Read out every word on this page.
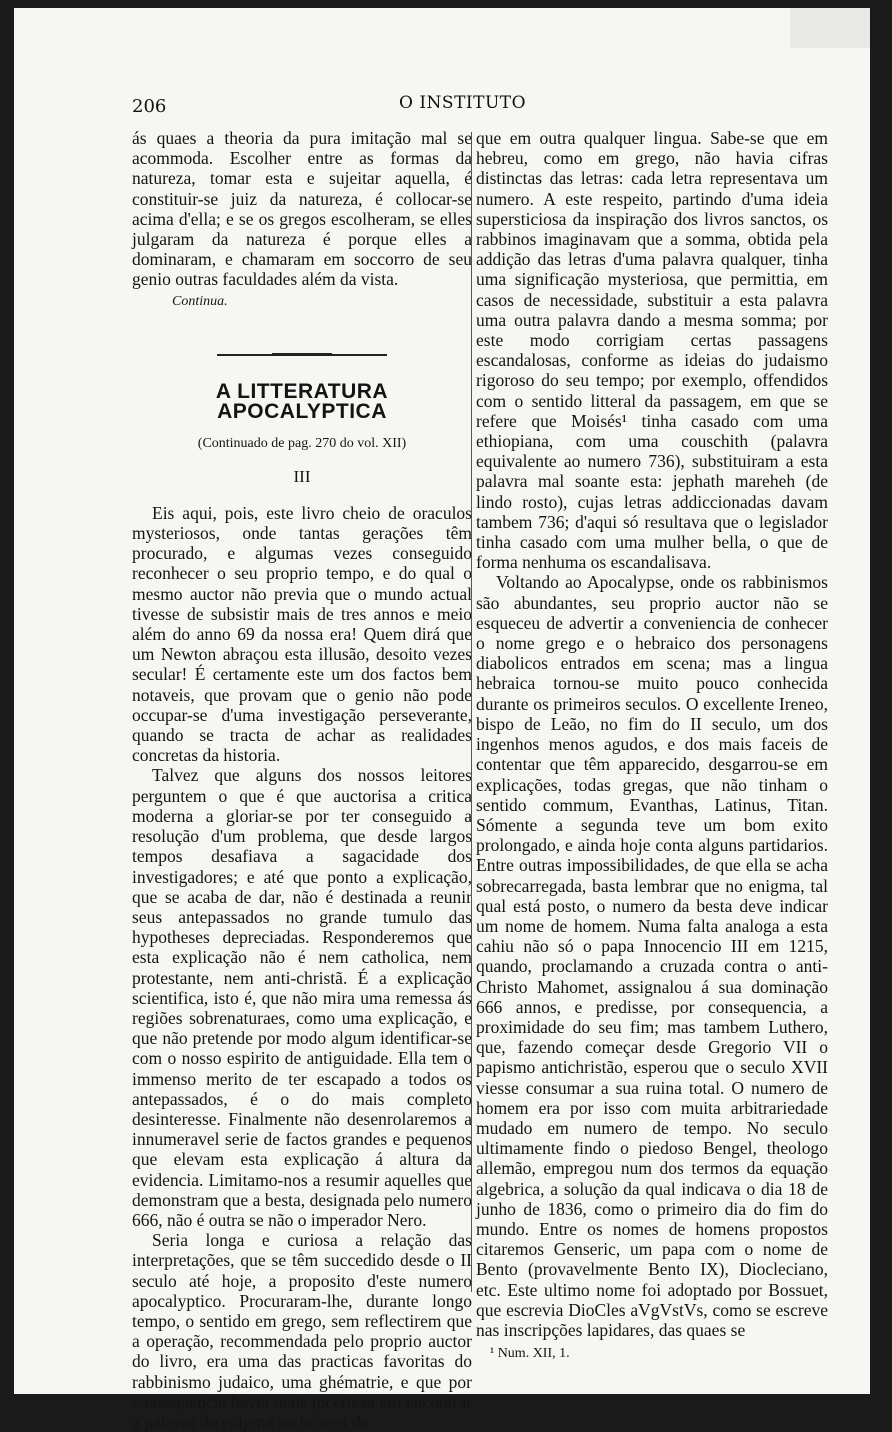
206	O INSTITUTO

ás quaes a theoria da pura imitação mal se acommoda. Escolher entre as formas da natureza, tomar esta e sujeitar aquella, é constituir-se juiz da natureza, é collocar-se acima d'ella; e se os gregos escolheram, se elles julgaram da natureza é porque elles a dominaram, e chamaram em soccorro de seu genio outras faculdades além da vista.

Continua.

A LITTERATURA APOCALYPTICA

(Continuado de pag. 270 do vol. XII)

III

Eis aqui, pois, este livro cheio de oraculos mysteriosos, onde tantas gerações têm procurado, e algumas vezes conseguido reconhecer o seu proprio tempo, e do qual o mesmo auctor não previa que o mundo actual tivesse de subsistir mais de tres annos e meio além do anno 69 da nossa era! Quem dirá que um Newton abraçou esta illusão, desoito vezes secular! É certamente este um dos factos bem notaveis, que provam que o genio não pode occupar-se d'uma investigação perseverante, quando se tracta de achar as realidades concretas da historia.

Talvez que alguns dos nossos leitores perguntem o que é que auctorisa a critica moderna a gloriar-se por ter conseguido a resolução d'um problema, que desde largos tempos desafiava a sagacidade dos investigadores; e até que ponto a explicação, que se acaba de dar, não é destinada a reunir seus antepassados no grande tumulo das hypotheses depreciadas. Responderemos que esta explicação não é nem catholica, nem protestante, nem anti-christã. É a explicação scientifica, isto é, que não mira uma remessa ás regiões sobrenaturaes, como uma explicação, e que não pretende por modo algum identificar-se com o nosso espirito de antiguidade. Ella tem o immenso merito de ter escapado a todos os antepassados, é o do mais completo desinteresse. Finalmente não desenrolaremos a innumeravel serie de factos grandes e pequenos que elevam esta explicação á altura da evidencia. Limitamo-nos a resumir aquelles que demonstram que a besta, designada pelo numero 666, não é outra se não o imperador Nero.

Seria longa e curiosa a relação das interpretações, que se têm succedido desde o II seculo até hoje, a proposito d'este numero apocalyptico. Procuraram-lhe, durante longo tempo, o sentido em grego, sem reflectirem que a operação, recommendada pelo proprio auctor do livro, era uma das practicas favoritas do rabbinismo judaico, uma ghématrie, e que por consequencia havia mais incerteza em encontrar a palavra do enigma no hebreu do

que em outra qualquer lingua. Sabe-se que em hebreu, como em grego, não havia cifras distinctas das letras: cada letra representava um numero. A este respeito, partindo d'uma ideia supersticiosa da inspiração dos livros sanctos, os rabbinos imaginavam que a somma, obtida pela addição das letras d'uma palavra qualquer, tinha uma significação mysteriosa, que permittia, em casos de necessidade, substituir a esta palavra uma outra palavra dando a mesma somma; por este modo corrigiam certas passagens escandalosas, conforme as ideias do judaismo rigoroso do seu tempo; por exemplo, offendidos com o sentido litteral da passagem, em que se refere que Moisés¹ tinha casado com uma ethiopiana, com uma couschith (palavra equivalente ao numero 736), substituiram a esta palavra mal soante esta: jephath mareheh (de lindo rosto), cujas letras addiccionadas davam tambem 736; d'aqui só resultava que o legislador tinha casado com uma mulher bella, o que de forma nenhuma os escandalisava.

Voltando ao Apocalypse, onde os rabbinismos são abundantes, seu proprio auctor não se esqueceu de advertir a conveniencia de conhecer o nome grego e o hebraico dos personagens diabolicos entrados em scena; mas a lingua hebraica tornou-se muito pouco conhecida durante os primeiros seculos. O excellente Ireneo, bispo de Leão, no fim do II seculo, um dos ingenhos menos agudos, e dos mais faceis de contentar que têm apparecido, desgarrou-se em explicações, todas gregas, que não tinham o sentido commum, Evanthas, Latinus, Titan. Sómente a segunda teve um bom exito prolongado, e ainda hoje conta alguns partidarios. Entre outras impossibilidades, de que ella se acha sobrecarregada, basta lembrar que no enigma, tal qual está posto, o numero da besta deve indicar um nome de homem. Numa falta analoga a esta cahiu não só o papa Innocencio III em 1215, quando, proclamando a cruzada contra o anti-Christo Mahomet, assignalou á sua dominação 666 annos, e predisse, por consequencia, a proximidade do seu fim; mas tambem Luthero, que, fazendo começar desde Gregorio VII o papismo antichristão, esperou que o seculo XVII viesse consumar a sua ruina total. O numero de homem era por isso com muita arbitrariedade mudado em numero de tempo. No seculo ultimamente findo o piedoso Bengel, theologo allemão, empregou num dos termos da equação algebrica, a solução da qual indicava o dia 18 de junho de 1836, como o primeiro dia do fim do mundo. Entre os nomes de homens propostos citaremos Genseric, um papa com o nome de Bento (provavelmente Bento IX), Diocleciano, etc. Este ultimo nome foi adoptado por Bossuet, que escrevia DioCles aVgVstVs, como se escreve nas inscripções lapidares, das quaes se

¹ Num. XII, 1.
